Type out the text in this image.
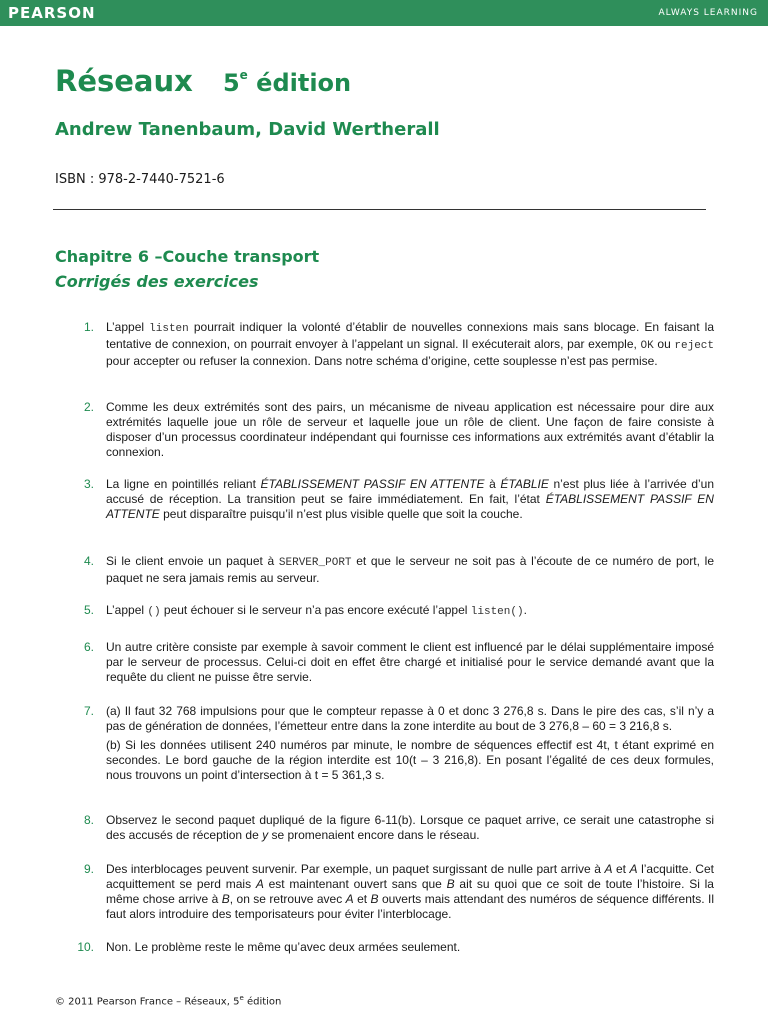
PEARSON	ALWAYS LEARNING
Réseaux 5e édition
Andrew Tanenbaum, David Wertherall
ISBN : 978-2-7440-7521-6
Chapitre 6 –Couche transport
Corrigés des exercices
1. L’appel listen pourrait indiquer la volonté d’établir de nouvelles connexions mais sans blocage. En faisant la tentative de connexion, on pourrait envoyer à l’appelant un signal. Il exécuterait alors, par exemple, OK ou reject pour accepter ou refuser la connexion. Dans notre schéma d’origine, cette souplesse n’est pas permise.

2. Comme les deux extrémités sont des pairs, un mécanisme de niveau application est nécessaire pour dire aux extrémités laquelle joue un rôle de serveur et laquelle joue un rôle de client. Une façon de faire consiste à disposer d’un processus coordinateur indépendant qui fournisse ces informations aux extrémités avant d’établir la connexion.

3. La ligne en pointillés reliant ÉTABLISSEMENT PASSIF EN ATTENTE à ÉTABLIE n’est plus liée à l’arrivée d’un accusé de réception. La transition peut se faire immédiatement. En fait, l’état ÉTABLISSEMENT PASSIF EN ATTENTE peut disparaître puisqu’il n’est plus visible quelle que soit la couche.

4. Si le client envoie un paquet à SERVER_PORT et que le serveur ne soit pas à l’écoute de ce numéro de port, le paquet ne sera jamais remis au serveur.

5. L’appel () peut échouer si le serveur n’a pas encore exécuté l’appel listen().

6. Un autre critère consiste par exemple à savoir comment le client est influencé par le délai supplémentaire imposé par le serveur de processus. Celui-ci doit en effet être chargé et initialisé pour le service demandé avant que la requête du client ne puisse être servie.

7. (a) Il faut 32 768 impulsions pour que le compteur repasse à 0 et donc 3 276,8 s. Dans le pire des cas, s’il n’y a pas de génération de données, l’émetteur entre dans la zone interdite au bout de 3 276,8 – 60 = 3 216,8 s.

(b) Si les données utilisent 240 numéros par minute, le nombre de séquences effectif est 4t, t étant exprimé en secondes. Le bord gauche de la région interdite est 10(t – 3 216,8). En posant l’égalité de ces deux formules, nous trouvons un point d’intersection à t = 5 361,3 s.

8. Observez le second paquet dupliqué de la figure 6-11(b). Lorsque ce paquet arrive, ce serait une catastrophe si des accusés de réception de y se promenaient encore dans le réseau.

9. Des interblocages peuvent survenir. Par exemple, un paquet surgissant de nulle part arrive à A et A l’acquitte. Cet acquittement se perd mais A est maintenant ouvert sans que B ait su quoi que ce soit de toute l’histoire. Si la même chose arrive à B, on se retrouve avec A et B ouverts mais attendant des numéros de séquence différents. Il faut alors introduire des temporisateurs pour éviter l’interblocage.

10. Non. Le problème reste le même qu’avec deux armées seulement.

© 2011 Pearson France – Réseaux, 5e édition
